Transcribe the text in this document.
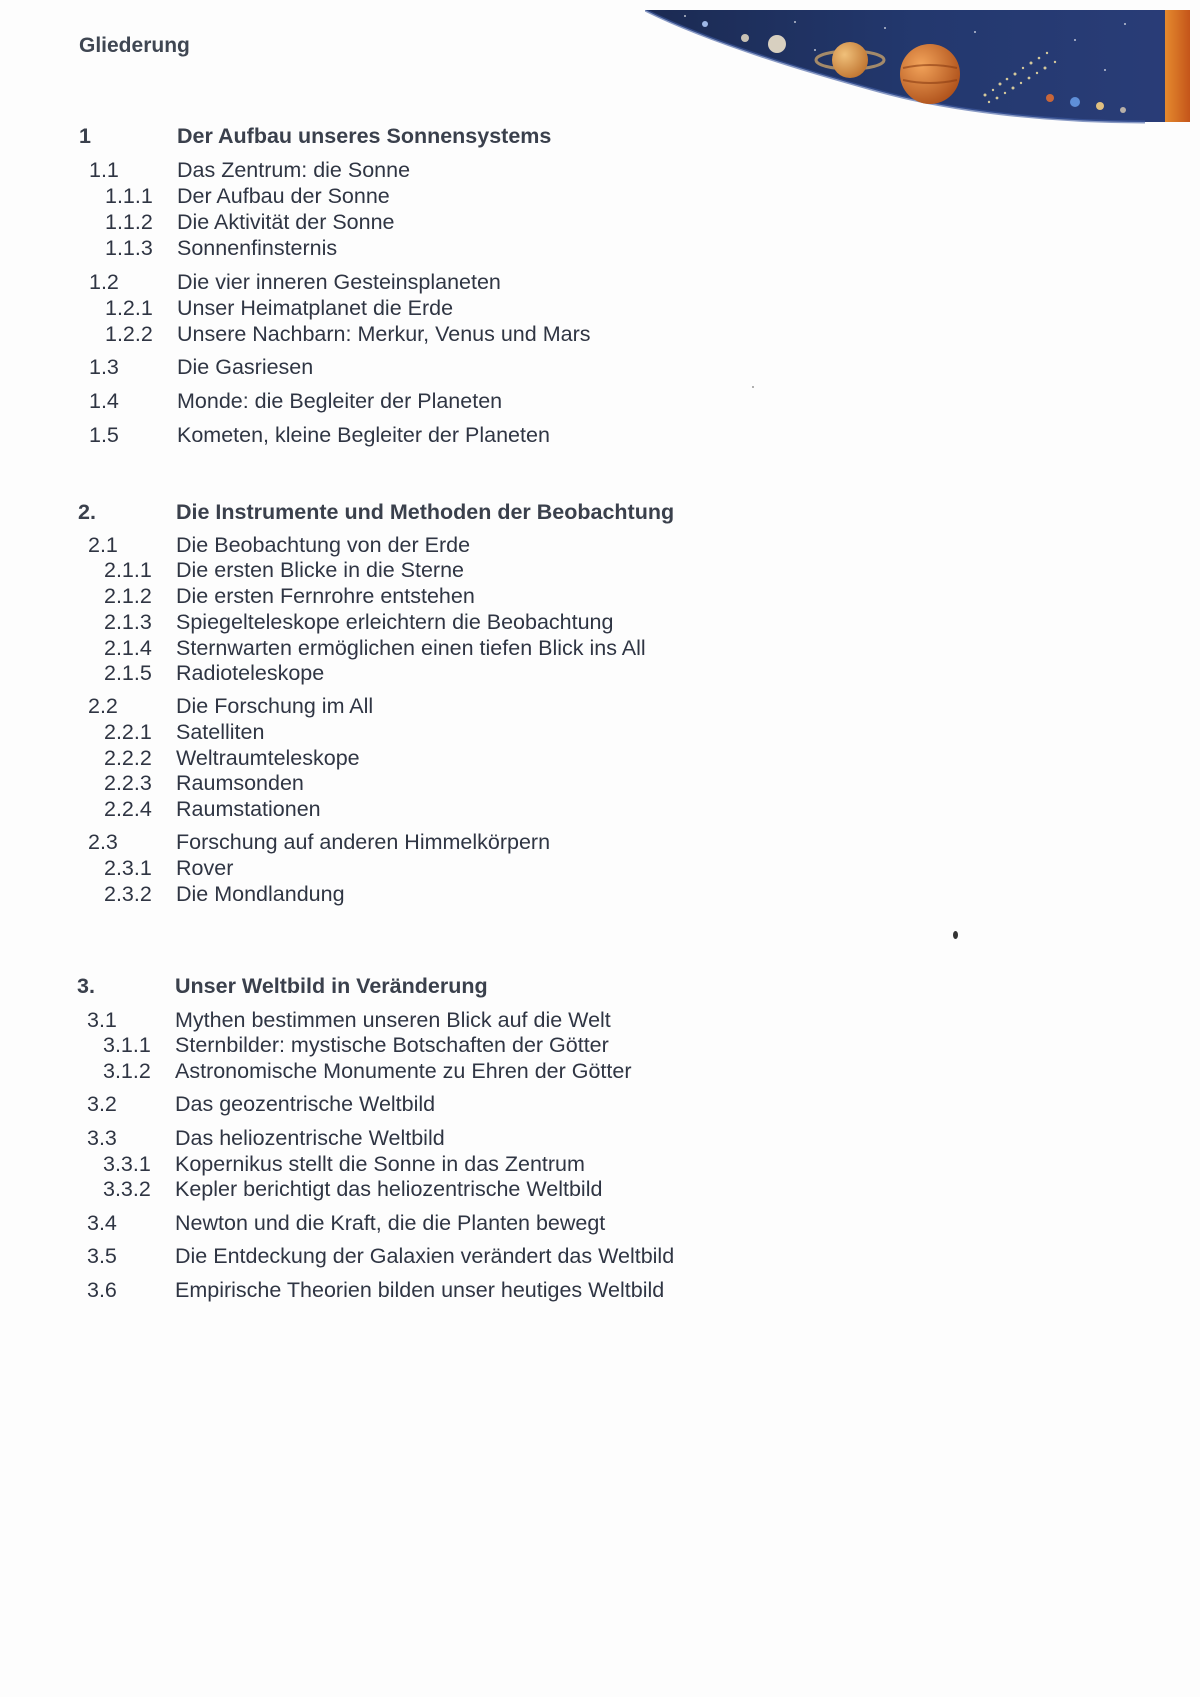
Gliederung
1	Der Aufbau unseres Sonnensystems
1.1	Das Zentrum: die Sonne
1.1.1 Der Aufbau der Sonne
1.1.2 Die Aktivität der Sonne
1.1.3 Sonnenfinsternis
1.2	Die vier inneren Gesteinsplaneten
1.2.1 Unser Heimatplanet die Erde
1.2.2 Unsere Nachbarn: Merkur, Venus und Mars
1.3	Die Gasriesen
1.4	Monde: die Begleiter der Planeten
1.5	Kometen, kleine Begleiter der Planeten
2.	Die Instrumente und Methoden der Beobachtung
2.1	Die Beobachtung von der Erde
2.1.1 Die ersten Blicke in die Sterne
2.1.2 Die ersten Fernrohre entstehen
2.1.3 Spiegelteleskope erleichtern die Beobachtung
2.1.4 Sternwarten ermöglichen einen tiefen Blick ins All
2.1.5 Radioteleskope
2.2	Die Forschung im All
2.2.1 Satelliten
2.2.2 Weltraumteleskope
2.2.3 Raumsonden
2.2.4 Raumstationen
2.3	Forschung auf anderen Himmelkörpern
2.3.1 Rover
2.3.2 Die Mondlandung
3.	Unser Weltbild in Veränderung
3.1	Mythen bestimmen unseren Blick auf die Welt
3.1.1 Sternbilder: mystische Botschaften der Götter
3.1.2 Astronomische Monumente zu Ehren der Götter
3.2	Das geozentrische Weltbild
3.3	Das heliozentrische Weltbild
3.3.1 Kopernikus stellt die Sonne in das Zentrum
3.3.2 Kepler berichtigt das heliozentrische Weltbild
3.4	Newton und die Kraft, die die Planten bewegt
3.5	Die Entdeckung der Galaxien verändert das Weltbild
3.6	Empirische Theorien bilden unser heutiges Weltbild
